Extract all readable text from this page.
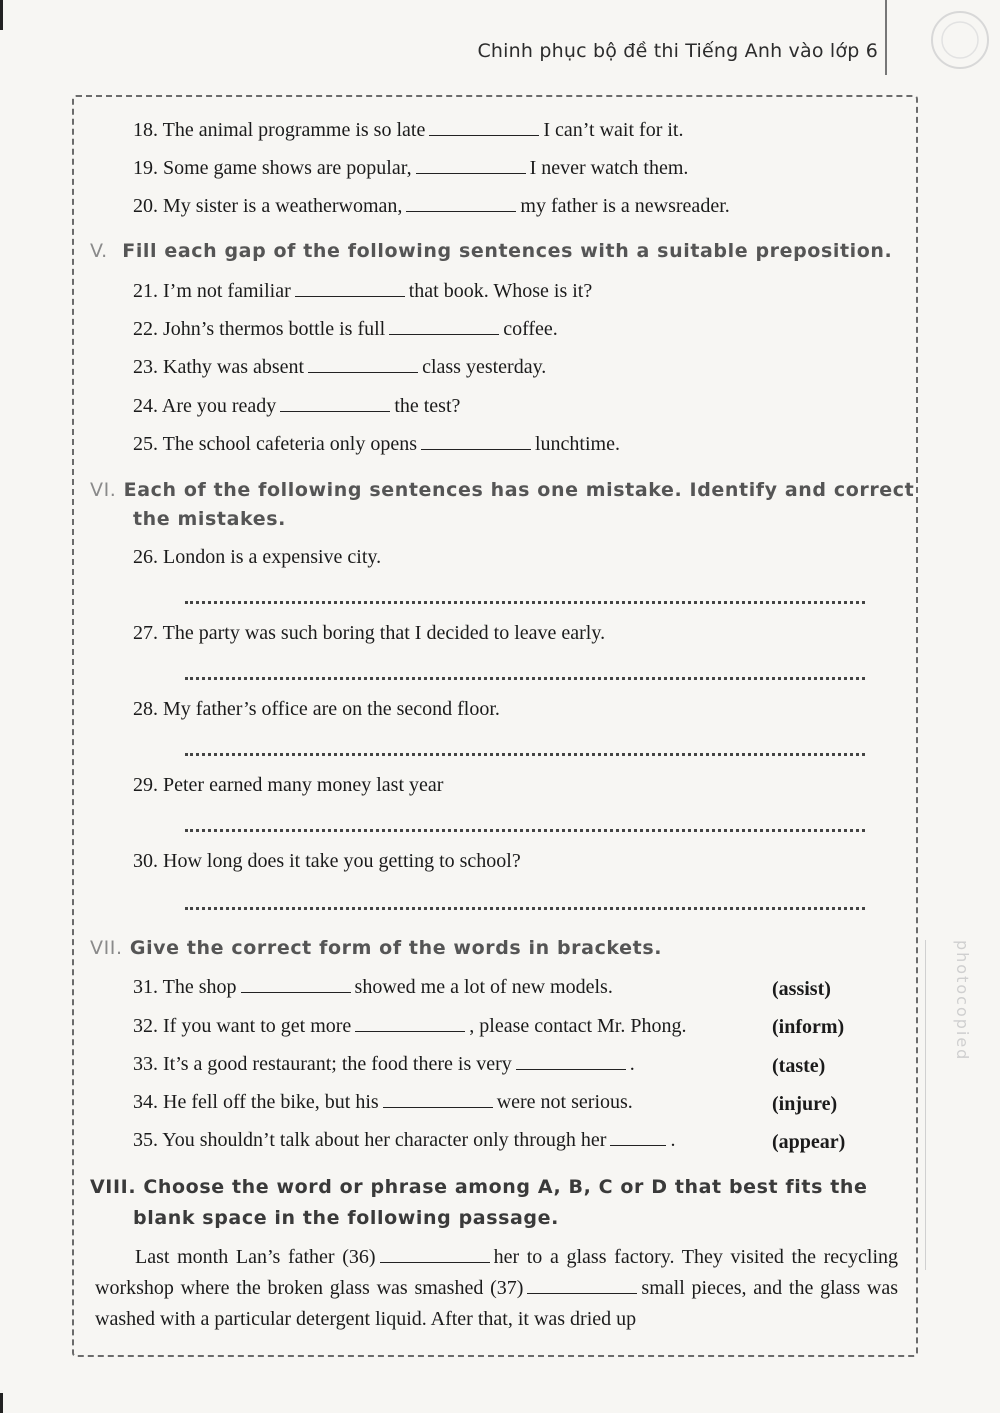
Chinh phục bộ đề thi Tiếng Anh vào lớp 6
photocopied
18. The animal programme is so late	I can’t wait for it.
19. Some game shows are popular,	I never watch them.
20. My sister is a weatherwoman,	my father is a newsreader.
V. Fill each gap of the following sentences with a suitable preposition.
21. I’m not familiar	that book. Whose is it?
22. John’s thermos bottle is full	coffee.
23. Kathy was absent	class yesterday.
24. Are you ready	the test?
25. The school cafeteria only opens	lunchtime.
VI. Each of the following sentences has one mistake. Identify and correct
the mistakes.
26. London is a expensive city.
27. The party was such boring that I decided to leave early.
28. My father’s office are on the second floor.
29. Peter earned many money last year
30. How long does it take you getting to school?
VII. Give the correct form of the words in brackets.
31. The shop	showed me a lot of new models.	(assist)
32. If you want to get more	, please contact Mr. Phong.	(inform)
33. It’s a good restaurant; the food there is very	.	(taste)
34. He fell off the bike, but his	were not serious.	(injure)
35. You shouldn’t talk about her character only through her	.	(appear)
VIII. Choose the word or phrase among A, B, C or D that best fits the
blank space in the following passage.
Last month Lan’s father (36)	her to a glass factory. They visited the recycling workshop where the broken glass was smashed (37)	small pieces, and the glass was washed with a particular detergent liquid. After that, it was dried up
